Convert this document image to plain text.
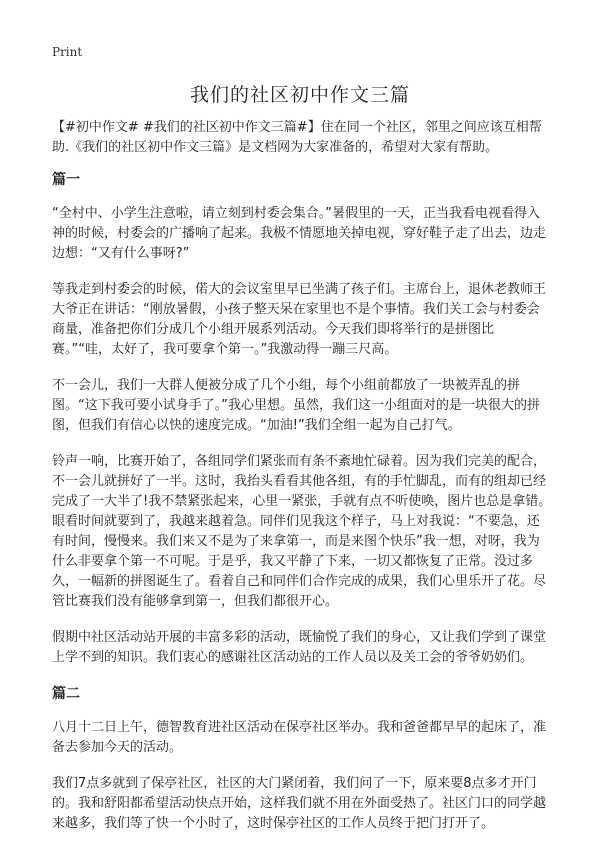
Print
我们的社区初中作文三篇

【#初中作文# #我们的社区初中作文三篇#】住在同一个社区，邻里之间应该互相帮助.《我们的社区初中作文三篇》是文档网为大家准备的，希望对大家有帮助。

篇一

“全村中、小学生注意啦，请立刻到村委会集合。”暑假里的一天，正当我看电视看得入神的时候，村委会的广播响了起来。我极不情愿地关掉电视，穿好鞋子走了出去，边走边想：“又有什么事呀?”

等我走到村委会的时候，偌大的会议室里早已坐满了孩子们。主席台上，退休老教师王大爷正在讲话：“刚放暑假，小孩子整天呆在家里也不是个事情。我们关工会与村委会商量，准备把你们分成几个小组开展系列活动。今天我们即将举行的是拼图比赛。”“哇，太好了，我可要拿个第一。”我激动得一蹦三尺高。

不一会儿，我们一大群人便被分成了几个小组，每个小组前都放了一块被弄乱的拼图。“这下我可要小试身手了。”我心里想。虽然，我们这一小组面对的是一块很大的拼图，但我们有信心以快的速度完成。“加油!”我们全组一起为自己打气。

铃声一响，比赛开始了，各组同学们紧张而有条不紊地忙碌着。因为我们完美的配合，不一会儿就拼好了一半。这时，我抬头看看其他各组，有的手忙脚乱，而有的组却已经完成了一大半了!我不禁紧张起来，心里一紧张，手就有点不听使唤，图片也总是拿错。眼看时间就要到了，我越来越着急。同伴们见我这个样子，马上对我说：“不要急，还有时间，慢慢来。我们来又不是为了来拿第一，而是来图个快乐”我一想，对呀，我为什么非要拿个第一不可呢。于是乎，我又平静了下来，一切又都恢复了正常。没过多久，一幅新的拼图诞生了。看着自己和同伴们合作完成的成果，我们心里乐开了花。尽管比赛我们没有能够拿到第一，但我们都很开心。

假期中社区活动站开展的丰富多彩的活动，既愉悦了我们的身心，又让我们学到了课堂上学不到的知识。我们衷心的感谢社区活动站的工作人员以及关工会的爷爷奶奶们。

篇二

八月十二日上午，德智教育进社区活动在保亭社区举办。我和爸爸都早早的起床了，准备去参加今天的活动。

我们7点多就到了保亭社区，社区的大门紧闭着，我们问了一下，原来要8点多才开门的。我和舒阳都希望活动快点开始，这样我们就不用在外面受热了。社区门口的同学越来越多，我们等了快一个小时了，这时保亭社区的工作人员终于把门打开了。
